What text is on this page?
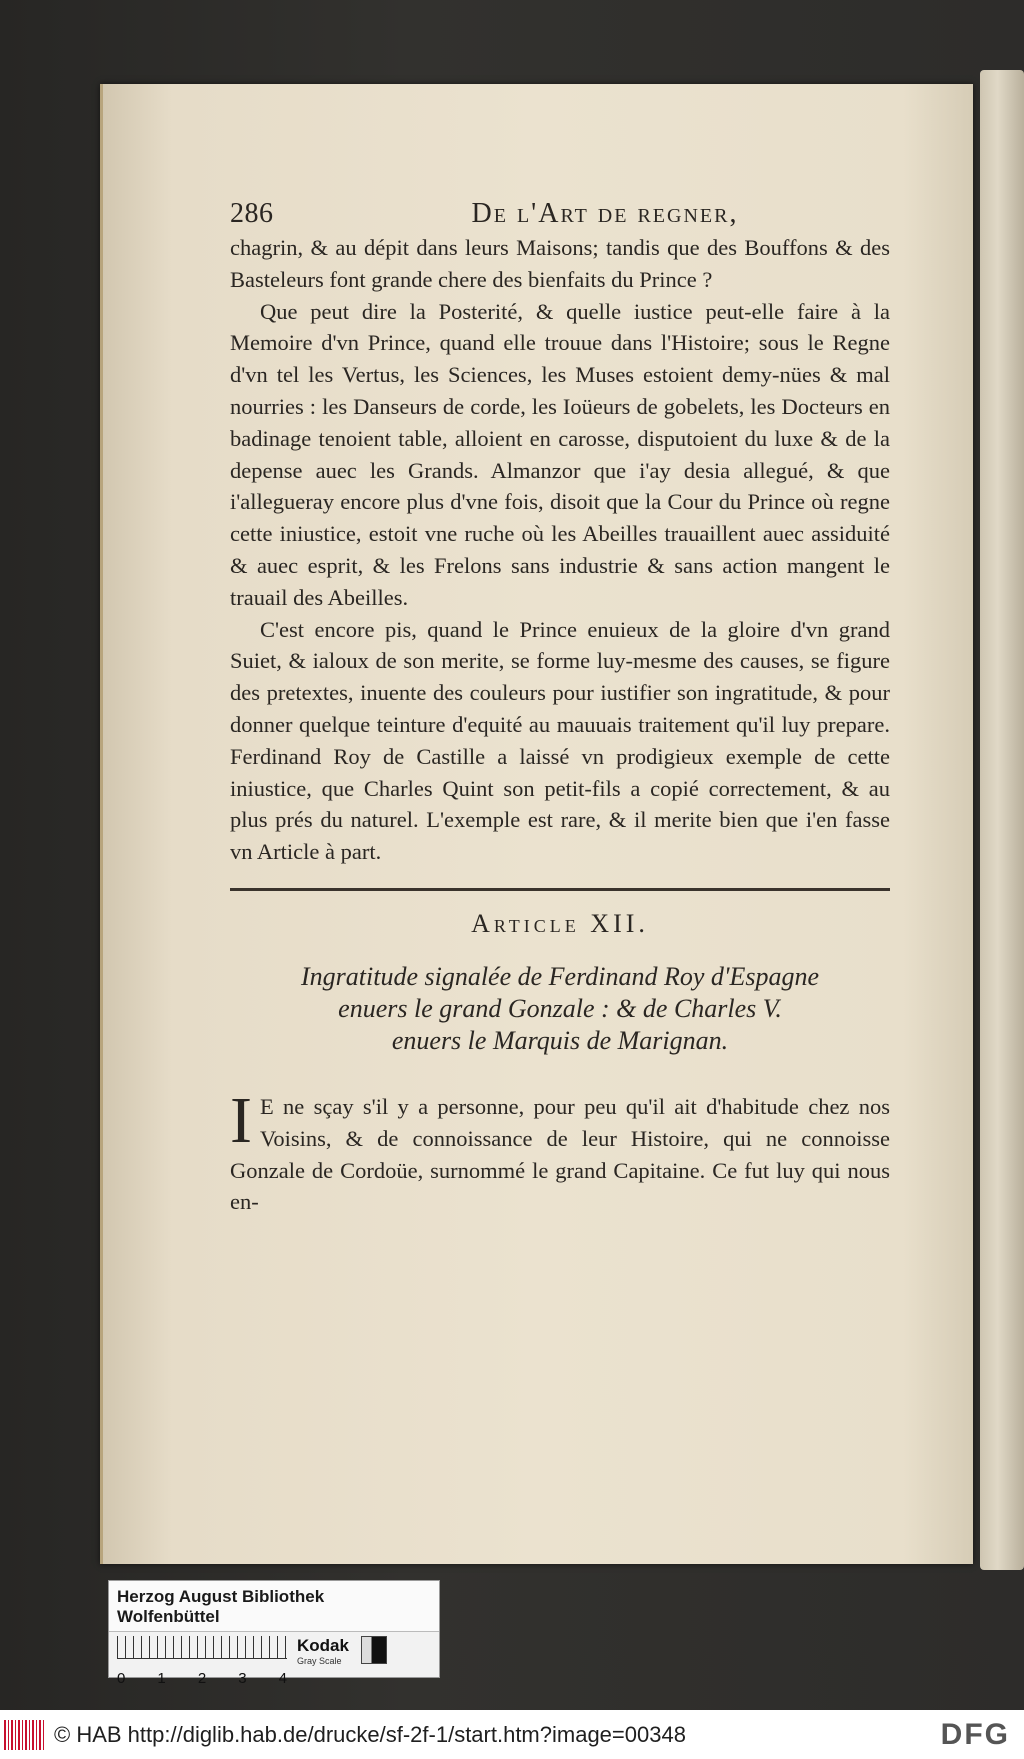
286	De l'Art de regner,

chagrin, & au dépit dans leurs Maisons; tandis que des Bouffons & des Basteleurs font grande chere des bienfaits du Prince ?

Que peut dire la Posterité, & quelle iustice peut-elle faire à la Memoire d'vn Prince, quand elle trouue dans l'Histoire; sous le Regne d'vn tel les Vertus, les Sciences, les Muses estoient demy-nües & mal nourries : les Danseurs de corde, les Ioüeurs de gobelets, les Docteurs en badinage tenoient table, alloient en carosse, disputoient du luxe & de la depense auec les Grands. Almanzor que i'ay desia allegué, & que i'allegueray encore plus d'vne fois, disoit que la Cour du Prince où regne cette iniustice, estoit vne ruche où les Abeilles trauaillent auec assiduité & auec esprit, & les Frelons sans industrie & sans action mangent le trauail des Abeilles.

C'est encore pis, quand le Prince enuieux de la gloire d'vn grand Suiet, & ialoux de son merite, se forme luy-mesme des causes, se figure des pretextes, inuente des couleurs pour iustifier son ingratitude, & pour donner quelque teinture d'equité au mauuais traitement qu'il luy prepare. Ferdinand Roy de Castille a laissé vn prodigieux exemple de cette iniustice, que Charles Quint son petit-fils a copié correctement, & au plus prés du naturel. L'exemple est rare, & il merite bien que i'en fasse vn Article à part.

Article XII.
Ingratitude signalée de Ferdinand Roy d'Espagne
enuers le grand Gonzale : & de Charles V.
enuers le Marquis de Marignan.
I E ne sçay s'il y a personne, pour peu qu'il ait d'habitude chez nos Voisins, & de connoissance de leur Histoire, qui ne connoisse Gonzale de Cordoüe, surnommé le grand Capitaine. Ce fut luy qui nous en-

Herzog August Bibliothek Wolfenbüttel
Kodak
Gray Scale
0 1 2 3 4
© HAB http://diglib.hab.de/drucke/sf-2f-1/start.htm?image=00348	DFG
